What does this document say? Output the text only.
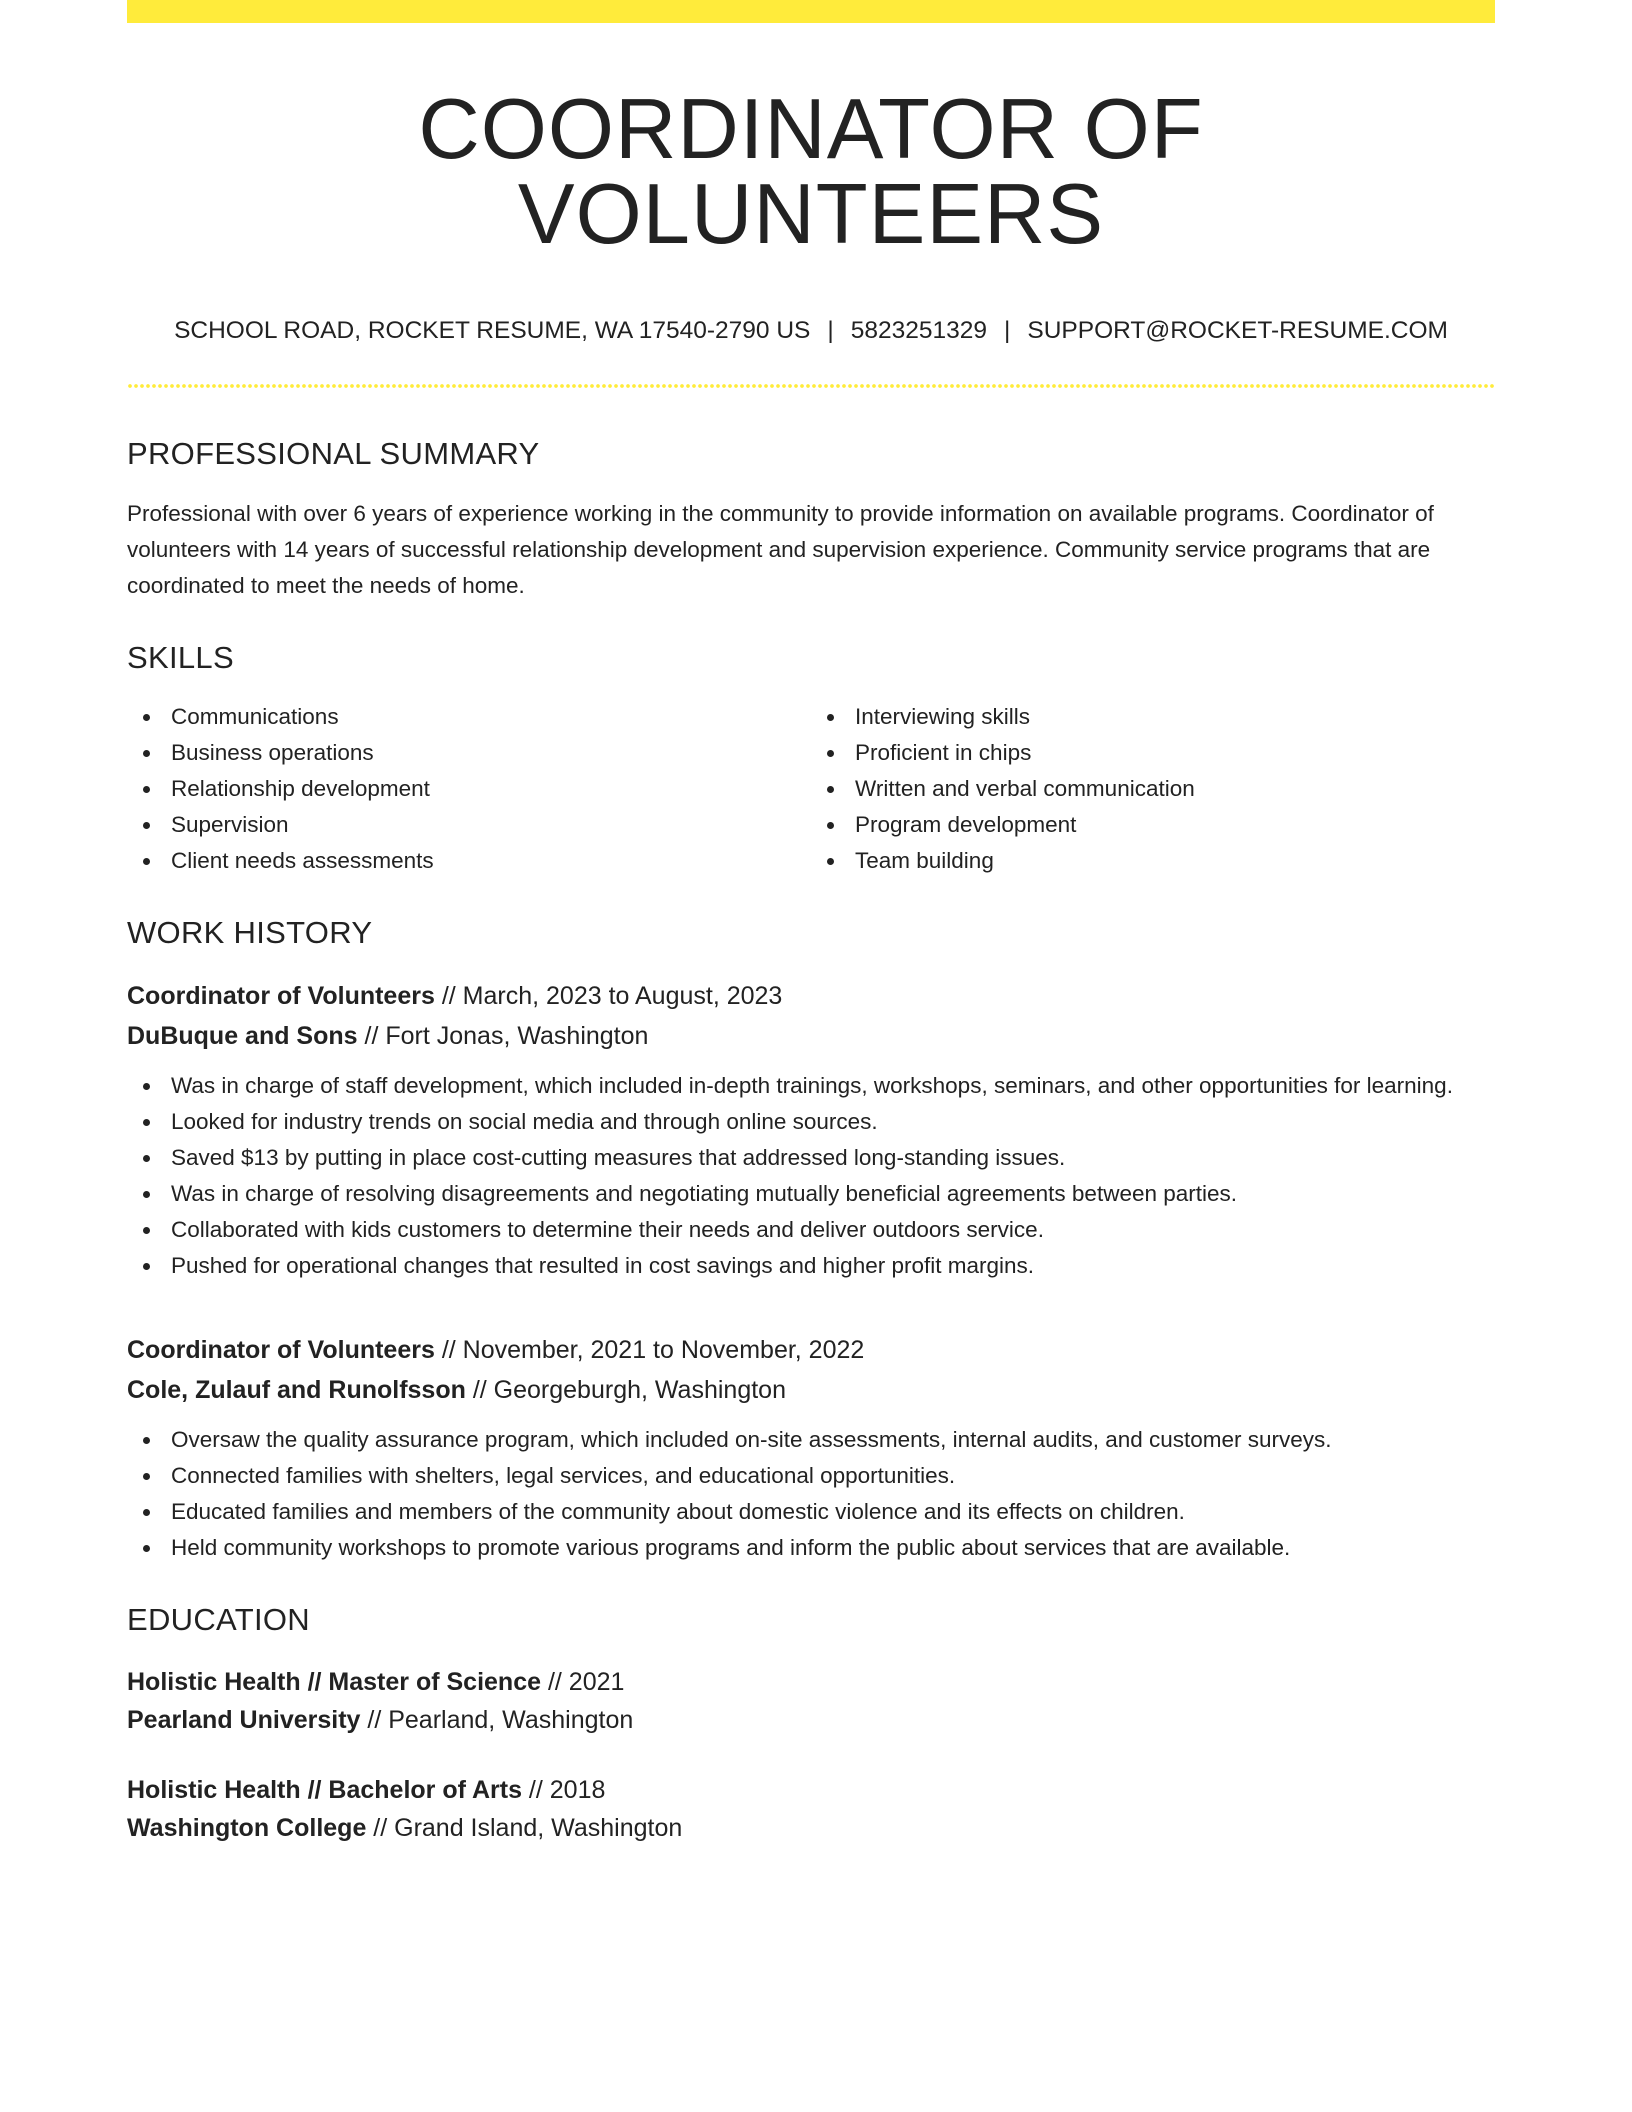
COORDINATOR OF VOLUNTEERS
SCHOOL ROAD, ROCKET RESUME, WA 17540-2790 US | 5823251329 | SUPPORT@ROCKET-RESUME.COM
PROFESSIONAL SUMMARY

Professional with over 6 years of experience working in the community to provide information on available programs. Coordinator of volunteers with 14 years of successful relationship development and supervision experience. Community service programs that are coordinated to meet the needs of home.

SKILLS
Communications
Business operations
Relationship development
Supervision
Client needs assessments
Interviewing skills
Proficient in chips
Written and verbal communication
Program development
Team building
WORK HISTORY
Coordinator of Volunteers // March, 2023 to August, 2023
DuBuque and Sons // Fort Jonas, Washington
Was in charge of staff development, which included in-depth trainings, workshops, seminars, and other opportunities for learning.
Looked for industry trends on social media and through online sources.
Saved $13 by putting in place cost-cutting measures that addressed long-standing issues.
Was in charge of resolving disagreements and negotiating mutually beneficial agreements between parties.
Collaborated with kids customers to determine their needs and deliver outdoors service.
Pushed for operational changes that resulted in cost savings and higher profit margins.
Coordinator of Volunteers // November, 2021 to November, 2022
Cole, Zulauf and Runolfsson // Georgeburgh, Washington
Oversaw the quality assurance program, which included on-site assessments, internal audits, and customer surveys.
Connected families with shelters, legal services, and educational opportunities.
Educated families and members of the community about domestic violence and its effects on children.
Held community workshops to promote various programs and inform the public about services that are available.
EDUCATION
Holistic Health // Master of Science // 2021
Pearland University // Pearland, Washington
Holistic Health // Bachelor of Arts // 2018
Washington College // Grand Island, Washington
